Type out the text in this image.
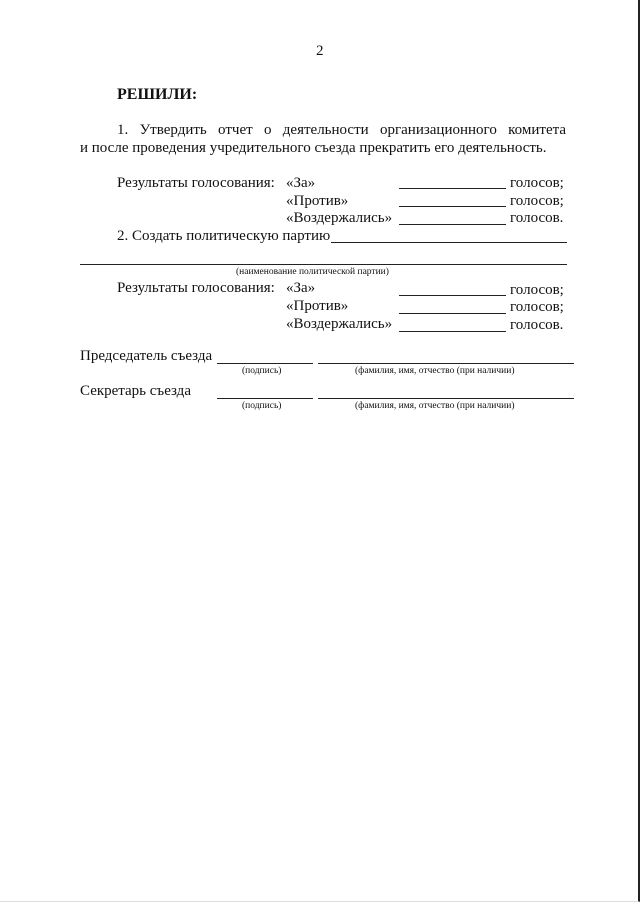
2
РЕШИЛИ:
1. Утвердить отчет о деятельности организационного комитета
и после проведения учредительного съезда прекратить его деятельность.
Результаты голосования: «За»	голосов;
«Против»	голосов;
«Воздержались»	голосов.
2. Создать политическую партию
(наименование политической партии)
Результаты голосования: «За»	голосов;
«Против»	голосов;
«Воздержались»	голосов.
Председатель съезда
(подпись)	(фамилия, имя, отчество (при наличии)
Секретарь съезда
(подпись)	(фамилия, имя, отчество (при наличии)
